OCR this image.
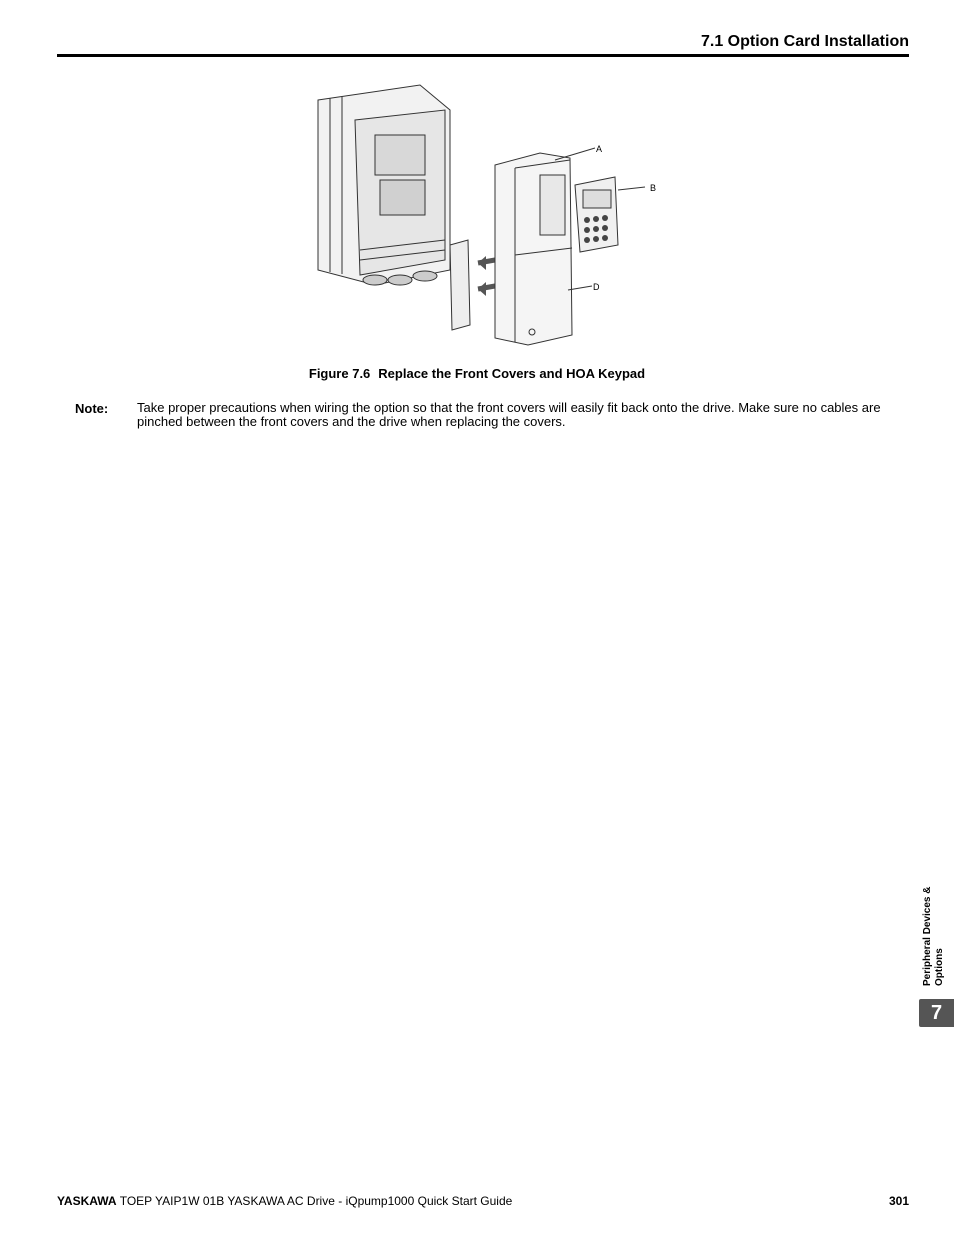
7.1 Option Card Installation
A
B
D
Figure 7.6 Replace the Front Covers and HOA Keypad
Note: Take proper precautions when wiring the option so that the front covers will easily fit back onto the drive. Make sure no cables are pinched between the front covers and the drive when replacing the covers.
Peripheral Devices & Options
7
YASKAWA TOEP YAIP1W 01B YASKAWA AC Drive - iQpump1000 Quick Start Guide	301
